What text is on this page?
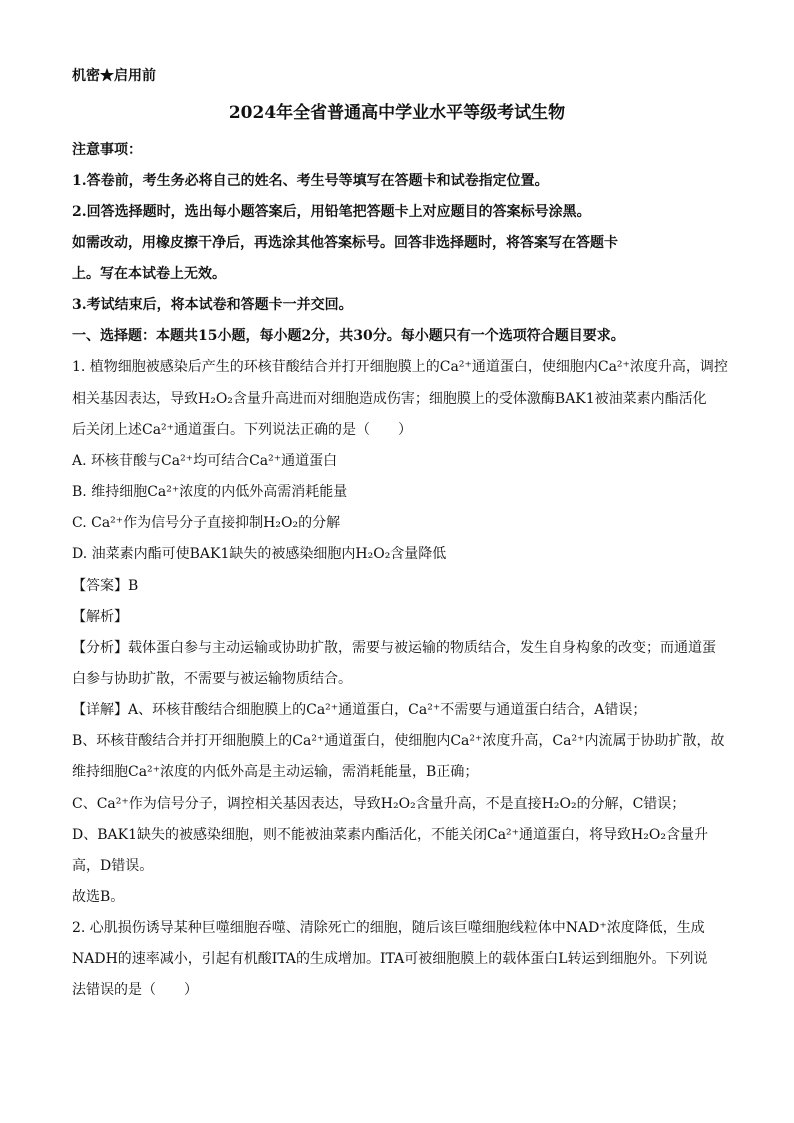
机密★启用前
2024年全省普通高中学业水平等级考试生物
注意事项：
1.答卷前，考生务必将自己的姓名、考生号等填写在答题卡和试卷指定位置。
2.回答选择题时，选出每小题答案后，用铅笔把答题卡上对应题目的答案标号涂黑。
如需改动，用橡皮擦干净后，再选涂其他答案标号。回答非选择题时，将答案写在答题卡
上。写在本试卷上无效。
3.考试结束后，将本试卷和答题卡一并交回。
一、选择题：本题共15小题，每小题2分，共30分。每小题只有一个选项符合题目要求。
1. 植物细胞被感染后产生的环核苷酸结合并打开细胞膜上的Ca²⁺通道蛋白，使细胞内Ca²⁺浓度升高，调控
相关基因表达，导致H₂O₂含量升高进而对细胞造成伤害；细胞膜上的受体激酶BAK1被油菜素内酯活化
后关闭上述Ca²⁺通道蛋白。下列说法正确的是（　　）
A. 环核苷酸与Ca²⁺均可结合Ca²⁺通道蛋白
B. 维持细胞Ca²⁺浓度的内低外高需消耗能量
C. Ca²⁺作为信号分子直接抑制H₂O₂的分解
D. 油菜素内酯可使BAK1缺失的被感染细胞内H₂O₂含量降低
【答案】B
【解析】
【分析】载体蛋白参与主动运输或协助扩散，需要与被运输的物质结合，发生自身构象的改变；而通道蛋
白参与协助扩散，不需要与被运输物质结合。
【详解】A、环核苷酸结合细胞膜上的Ca²⁺通道蛋白，Ca²⁺不需要与通道蛋白结合，A错误；
B、环核苷酸结合并打开细胞膜上的Ca²⁺通道蛋白，使细胞内Ca²⁺浓度升高，Ca²⁺内流属于协助扩散，故
维持细胞Ca²⁺浓度的内低外高是主动运输，需消耗能量，B正确；
C、Ca²⁺作为信号分子，调控相关基因表达，导致H₂O₂含量升高，不是直接H₂O₂的分解，C错误；
D、BAK1缺失的被感染细胞，则不能被油菜素内酯活化，不能关闭Ca²⁺通道蛋白，将导致H₂O₂含量升
高，D错误。
故选B。
2. 心肌损伤诱导某种巨噬细胞吞噬、清除死亡的细胞，随后该巨噬细胞线粒体中NAD⁺浓度降低，生成
NADH的速率减小，引起有机酸ITA的生成增加。ITA可被细胞膜上的载体蛋白L转运到细胞外。下列说
法错误的是（　　）
